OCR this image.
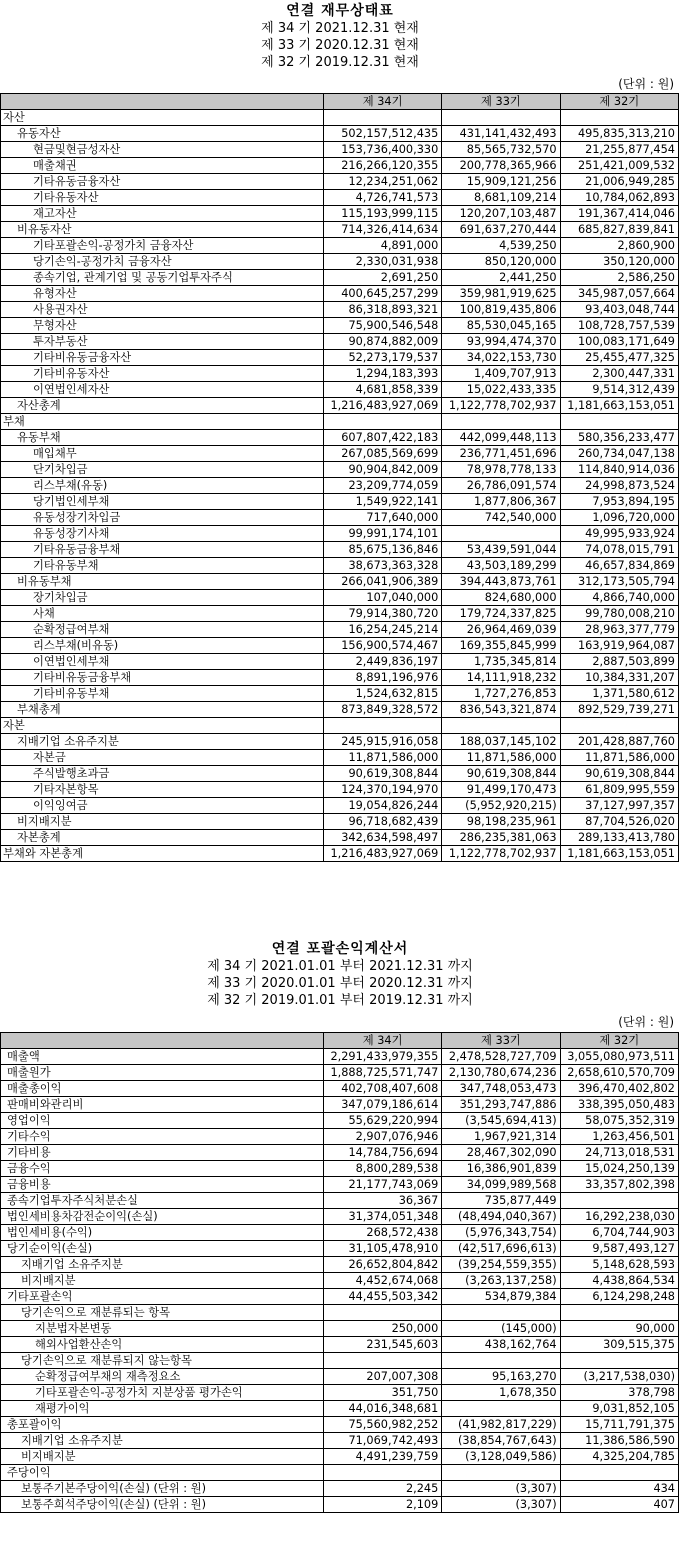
연결 재무상태표
제 34 기 2021.12.31 현재
제 33 기 2020.12.31 현재
제 32 기 2019.12.31 현재
(단위 : 원)
	제 34기	제 33기	제 32기
자산			
유동자산	502,157,512,435	431,141,432,493	495,835,313,210
현금및현금성자산	153,736,400,330	85,565,732,570	21,255,877,454
매출채권	216,266,120,355	200,778,365,966	251,421,009,532
기타유동금융자산	12,234,251,062	15,909,121,256	21,006,949,285
기타유동자산	4,726,741,573	8,681,109,214	10,784,062,893
재고자산	115,193,999,115	120,207,103,487	191,367,414,046
비유동자산	714,326,414,634	691,637,270,444	685,827,839,841
기타포괄손익-공정가치 금융자산	4,891,000	4,539,250	2,860,900
당기손익-공정가치 금융자산	2,330,031,938	850,120,000	350,120,000
종속기업, 관계기업 및 공동기업투자주식	2,691,250	2,441,250	2,586,250
유형자산	400,645,257,299	359,981,919,625	345,987,057,664
사용권자산	86,318,893,321	100,819,435,806	93,403,048,744
무형자산	75,900,546,548	85,530,045,165	108,728,757,539
투자부동산	90,874,882,009	93,994,474,370	100,083,171,649
기타비유동금융자산	52,273,179,537	34,022,153,730	25,455,477,325
기타비유동자산	1,294,183,393	1,409,707,913	2,300,447,331
이연법인세자산	4,681,858,339	15,022,433,335	9,514,312,439
자산총계	1,216,483,927,069	1,122,778,702,937	1,181,663,153,051
부채			
유동부채	607,807,422,183	442,099,448,113	580,356,233,477
매입채무	267,085,569,699	236,771,451,696	260,734,047,138
단기차입금	90,904,842,009	78,978,778,133	114,840,914,036
리스부채(유동)	23,209,774,059	26,786,091,574	24,998,873,524
당기법인세부채	1,549,922,141	1,877,806,367	7,953,894,195
유동성장기차입금	717,640,000	742,540,000	1,096,720,000
유동성장기사채	99,991,174,101		49,995,933,924
기타유동금융부채	85,675,136,846	53,439,591,044	74,078,015,791
기타유동부채	38,673,363,328	43,503,189,299	46,657,834,869
비유동부채	266,041,906,389	394,443,873,761	312,173,505,794
장기차입금	107,040,000	824,680,000	4,866,740,000
사채	79,914,380,720	179,724,337,825	99,780,008,210
순확정급여부채	16,254,245,214	26,964,469,039	28,963,377,779
리스부채(비유동)	156,900,574,467	169,355,845,999	163,919,964,087
이연법인세부채	2,449,836,197	1,735,345,814	2,887,503,899
기타비유동금융부채	8,891,196,976	14,111,918,232	10,384,331,207
기타비유동부채	1,524,632,815	1,727,276,853	1,371,580,612
부채총계	873,849,328,572	836,543,321,874	892,529,739,271
자본			
지배기업 소유주지분	245,915,916,058	188,037,145,102	201,428,887,760
자본금	11,871,586,000	11,871,586,000	11,871,586,000
주식발행초과금	90,619,308,844	90,619,308,844	90,619,308,844
기타자본항목	124,370,194,970	91,499,170,473	61,809,995,559
이익잉여금	19,054,826,244	(5,952,920,215)	37,127,997,357
비지배지분	96,718,682,439	98,198,235,961	87,704,526,020
자본총계	342,634,598,497	286,235,381,063	289,133,413,780
부채와 자본총계	1,216,483,927,069	1,122,778,702,937	1,181,663,153,051
연결 포괄손익계산서
제 34 기 2021.01.01 부터 2021.12.31 까지
제 33 기 2020.01.01 부터 2020.12.31 까지
제 32 기 2019.01.01 부터 2019.12.31 까지
(단위 : 원)
	제 34기	제 33기	제 32기
매출액	2,291,433,979,355	2,478,528,727,709	3,055,080,973,511
매출원가	1,888,725,571,747	2,130,780,674,236	2,658,610,570,709
매출총이익	402,708,407,608	347,748,053,473	396,470,402,802
판매비와관리비	347,079,186,614	351,293,747,886	338,395,050,483
영업이익	55,629,220,994	(3,545,694,413)	58,075,352,319
기타수익	2,907,076,946	1,967,921,314	1,263,456,501
기타비용	14,784,756,694	28,467,302,090	24,713,018,531
금융수익	8,800,289,538	16,386,901,839	15,024,250,139
금융비용	21,177,743,069	34,099,989,568	33,357,802,398
종속기업투자주식처분손실	36,367	735,877,449	
법인세비용차감전순이익(손실)	31,374,051,348	(48,494,040,367)	16,292,238,030
법인세비용(수익)	268,572,438	(5,976,343,754)	6,704,744,903
당기순이익(손실)	31,105,478,910	(42,517,696,613)	9,587,493,127
지배기업 소유주지분	26,652,804,842	(39,254,559,355)	5,148,628,593
비지배지분	4,452,674,068	(3,263,137,258)	4,438,864,534
기타포괄손익	44,455,503,342	534,879,384	6,124,298,248
당기손익으로 재분류되는 항목			
지분법자본변동	250,000	(145,000)	90,000
해외사업환산손익	231,545,603	438,162,764	309,515,375
당기손익으로 재분류되지 않는항목			
순확정급여부채의 재측정요소	207,007,308	95,163,270	(3,217,538,030)
기타포괄손익-공정가치 지분상품 평가손익	351,750	1,678,350	378,798
재평가이익	44,016,348,681		9,031,852,105
총포괄이익	75,560,982,252	(41,982,817,229)	15,711,791,375
지배기업 소유주지분	71,069,742,493	(38,854,767,643)	11,386,586,590
비지배지분	4,491,239,759	(3,128,049,586)	4,325,204,785
주당이익			
보통주기본주당이익(손실) (단위 : 원)	2,245	(3,307)	434
보통주희석주당이익(손실) (단위 : 원)	2,109	(3,307)	407
